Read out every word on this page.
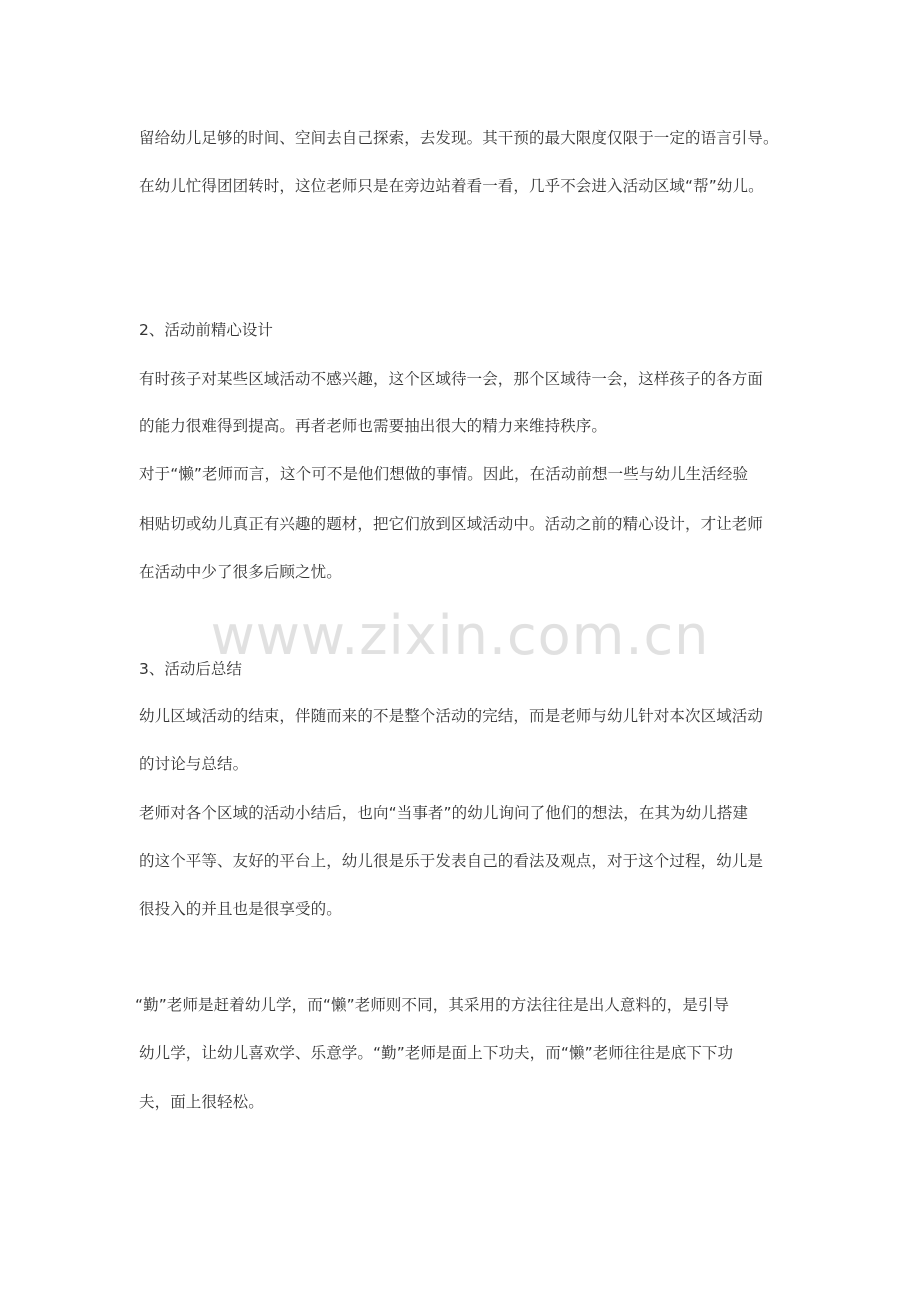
留给幼儿足够的时间、空间去自己探索，去发现。其干预的最大限度仅限于一定的语言引导。
在幼儿忙得团团转时，这位老师只是在旁边站着看一看，几乎不会进入活动区域“帮”幼儿。
2、活动前精心设计
有时孩子对某些区域活动不感兴趣，这个区域待一会，那个区域待一会，这样孩子的各方面
的能力很难得到提高。再者老师也需要抽出很大的精力来维持秩序。
对于“懒”老师而言，这个可不是他们想做的事情。因此，在活动前想一些与幼儿生活经验
相贴切或幼儿真正有兴趣的题材，把它们放到区域活动中。活动之前的精心设计，才让老师
在活动中少了很多后顾之忧。
www.zixin.com.cn
3、活动后总结
幼儿区域活动的结束，伴随而来的不是整个活动的完结，而是老师与幼儿针对本次区域活动
的讨论与总结。
老师对各个区域的活动小结后，也向“当事者”的幼儿询问了他们的想法，在其为幼儿搭建
的这个平等、友好的平台上，幼儿很是乐于发表自己的看法及观点，对于这个过程，幼儿是
很投入的并且也是很享受的。
“勤”老师是赶着幼儿学，而“懒”老师则不同，其采用的方法往往是出人意料的，是引导
幼儿学，让幼儿喜欢学、乐意学。“勤”老师是面上下功夫，而“懒”老师往往是底下下功
夫，面上很轻松。
